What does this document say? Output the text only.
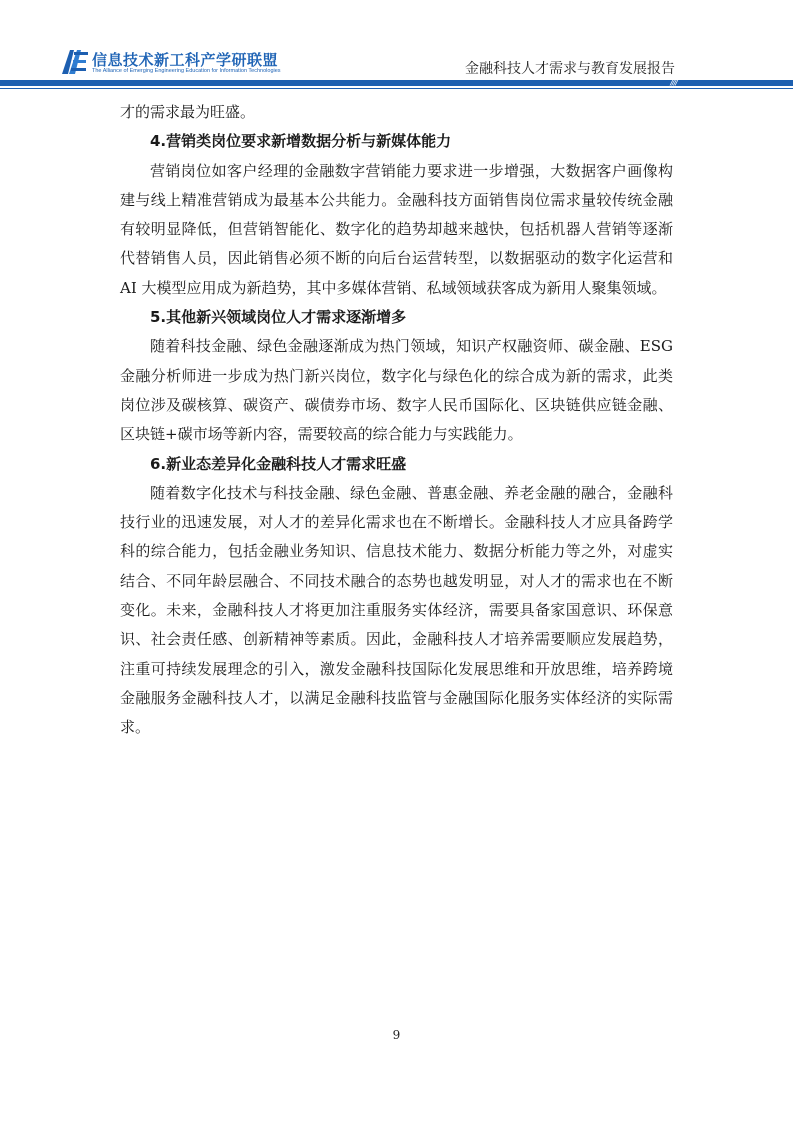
信息技术新工科产学研联盟
The Alliance of Emerging Engineering Education for Information Technologies	金融科技人才需求与教育发展报告
////

才的需求最为旺盛。

4.营销类岗位要求新增数据分析与新媒体能力

营销岗位如客户经理的金融数字营销能力要求进一步增强，大数据客户画像构建与线上精准营销成为最基本公共能力。金融科技方面销售岗位需求量较传统金融有较明显降低，但营销智能化、数字化的趋势却越来越快，包括机器人营销等逐渐代替销售人员，因此销售必须不断的向后台运营转型，以数据驱动的数字化运营和 AI 大模型应用成为新趋势，其中多媒体营销、私域领域获客成为新用人聚集领域。

5.其他新兴领域岗位人才需求逐渐增多

随着科技金融、绿色金融逐渐成为热门领域，知识产权融资师、碳金融、ESG 金融分析师进一步成为热门新兴岗位，数字化与绿色化的综合成为新的需求，此类岗位涉及碳核算、碳资产、碳债券市场、数字人民币国际化、区块链供应链金融、区块链+碳市场等新内容，需要较高的综合能力与实践能力。

6.新业态差异化金融科技人才需求旺盛

随着数字化技术与科技金融、绿色金融、普惠金融、养老金融的融合，金融科技行业的迅速发展，对人才的差异化需求也在不断增长。金融科技人才应具备跨学科的综合能力，包括金融业务知识、信息技术能力、数据分析能力等之外，对虚实结合、不同年龄层融合、不同技术融合的态势也越发明显，对人才的需求也在不断变化。未来，金融科技人才将更加注重服务实体经济，需要具备家国意识、环保意识、社会责任感、创新精神等素质。因此，金融科技人才培养需要顺应发展趋势，注重可持续发展理念的引入，激发金融科技国际化发展思维和开放思维，培养跨境金融服务金融科技人才，以满足金融科技监管与金融国际化服务实体经济的实际需求。

9
